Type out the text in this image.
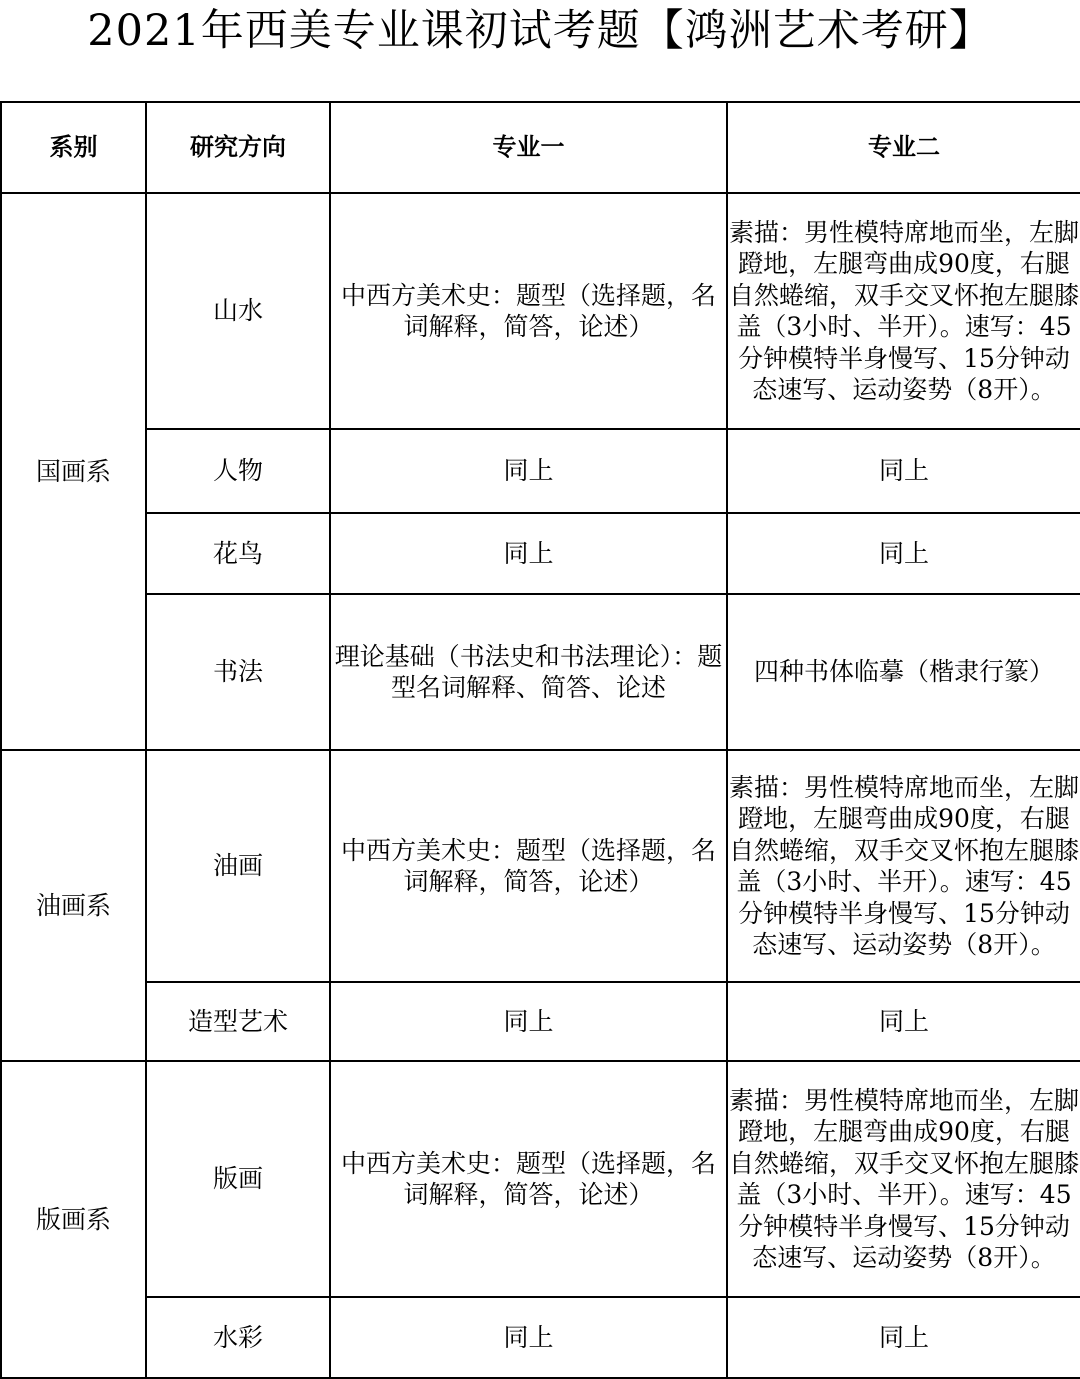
2021年西美专业课初试考题【鸿洲艺术考研】
系别	研究方向	专业一	专业二
国画系	山水	中西方美术史：题型（选择题，名词解释，简答，论述）	素描：男性模特席地而坐，左脚蹬地，左腿弯曲成90度，右腿自然蜷缩，双手交叉怀抱左腿膝盖（3小时、半开）。速写：45分钟模特半身慢写、15分钟动态速写、运动姿势（8开）。
	人物	同上	同上
	花鸟	同上	同上
	书法	理论基础（书法史和书法理论）：题型名词解释、简答、论述	四种书体临摹（楷隶行篆）
油画系	油画	中西方美术史：题型（选择题，名词解释，简答，论述）	素描：男性模特席地而坐，左脚蹬地，左腿弯曲成90度，右腿自然蜷缩，双手交叉怀抱左腿膝盖（3小时、半开）。速写：45分钟模特半身慢写、15分钟动态速写、运动姿势（8开）。
	造型艺术	同上	同上
版画系	版画	中西方美术史：题型（选择题，名词解释，简答，论述）	素描：男性模特席地而坐，左脚蹬地，左腿弯曲成90度，右腿自然蜷缩，双手交叉怀抱左腿膝盖（3小时、半开）。速写：45分钟模特半身慢写、15分钟动态速写、运动姿势（8开）。
	水彩	同上	同上
